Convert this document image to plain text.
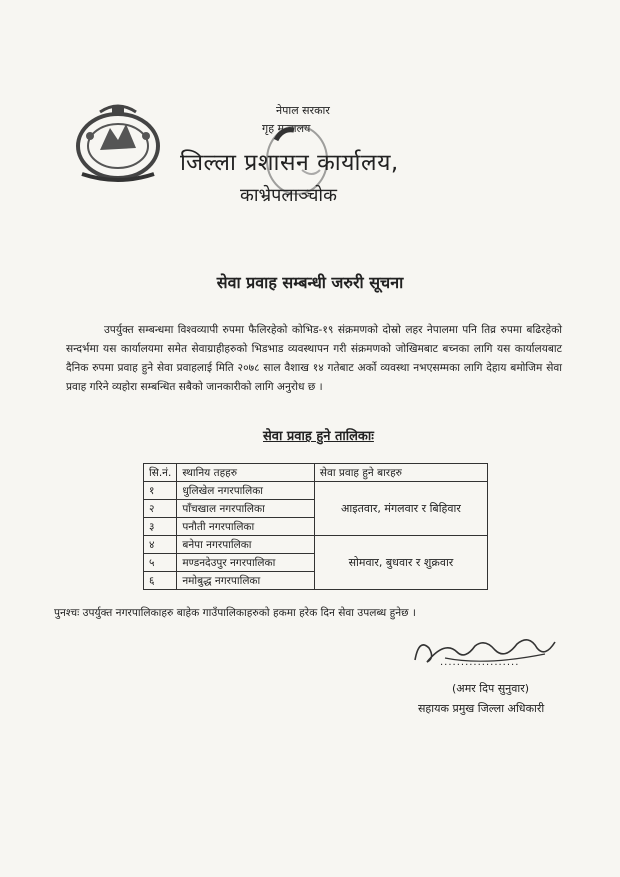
नेपाल सरकार
गृह मन्त्रालय
जिल्ला प्रशासन कार्यालय,
काभ्रेपलाञ्चोक
सेवा प्रवाह सम्बन्धी जरुरी सूचना
उपर्युक्त सम्बन्धमा विश्वव्यापी रुपमा फैलिरहेको कोभिड-१९ संक्रमणको दोस्रो लहर नेपालमा पनि तिव्र रुपमा बढिरहेको सन्दर्भमा यस कार्यालयमा समेत सेवाग्राहीहरुको भिडभाड व्यवस्थापन गरी संक्रमणको जोखिमबाट बच्नका लागि यस कार्यालयबाट दैनिक रुपमा प्रवाह हुने सेवा प्रवाहलाई मिति २०७८ साल वैशाख १४ गतेबाट अर्को व्यवस्था नभएसम्मका लागि देहाय बमोजिम सेवा प्रवाह गरिने व्यहोरा सम्बन्धित सबैको जानकारीको लागि अनुरोध छ ।
सेवा प्रवाह हुने तालिकाः
सि.नं.	स्थानिय तहहरु	सेवा प्रवाह हुने बारहरु
१	धुलिखेल नगरपालिका	आइतवार, मंगलवार र बिहिवार
२	पाँचखाल नगरपालिका	
३	पनौती नगरपालिका	
४	बनेपा नगरपालिका	सोमवार, बुधवार र शुक्रवार
५	मण्डनदेउपुर नगरपालिका	
६	नमोबुद्ध नगरपालिका	
पुनश्चः उपर्युक्त नगरपालिकाहरु बाहेक गाउँपालिकाहरुको हकमा हरेक दिन सेवा उपलब्ध हुनेछ ।
...................
(अमर दिप सुनुवार)
सहायक प्रमुख जिल्ला अधिकारी
